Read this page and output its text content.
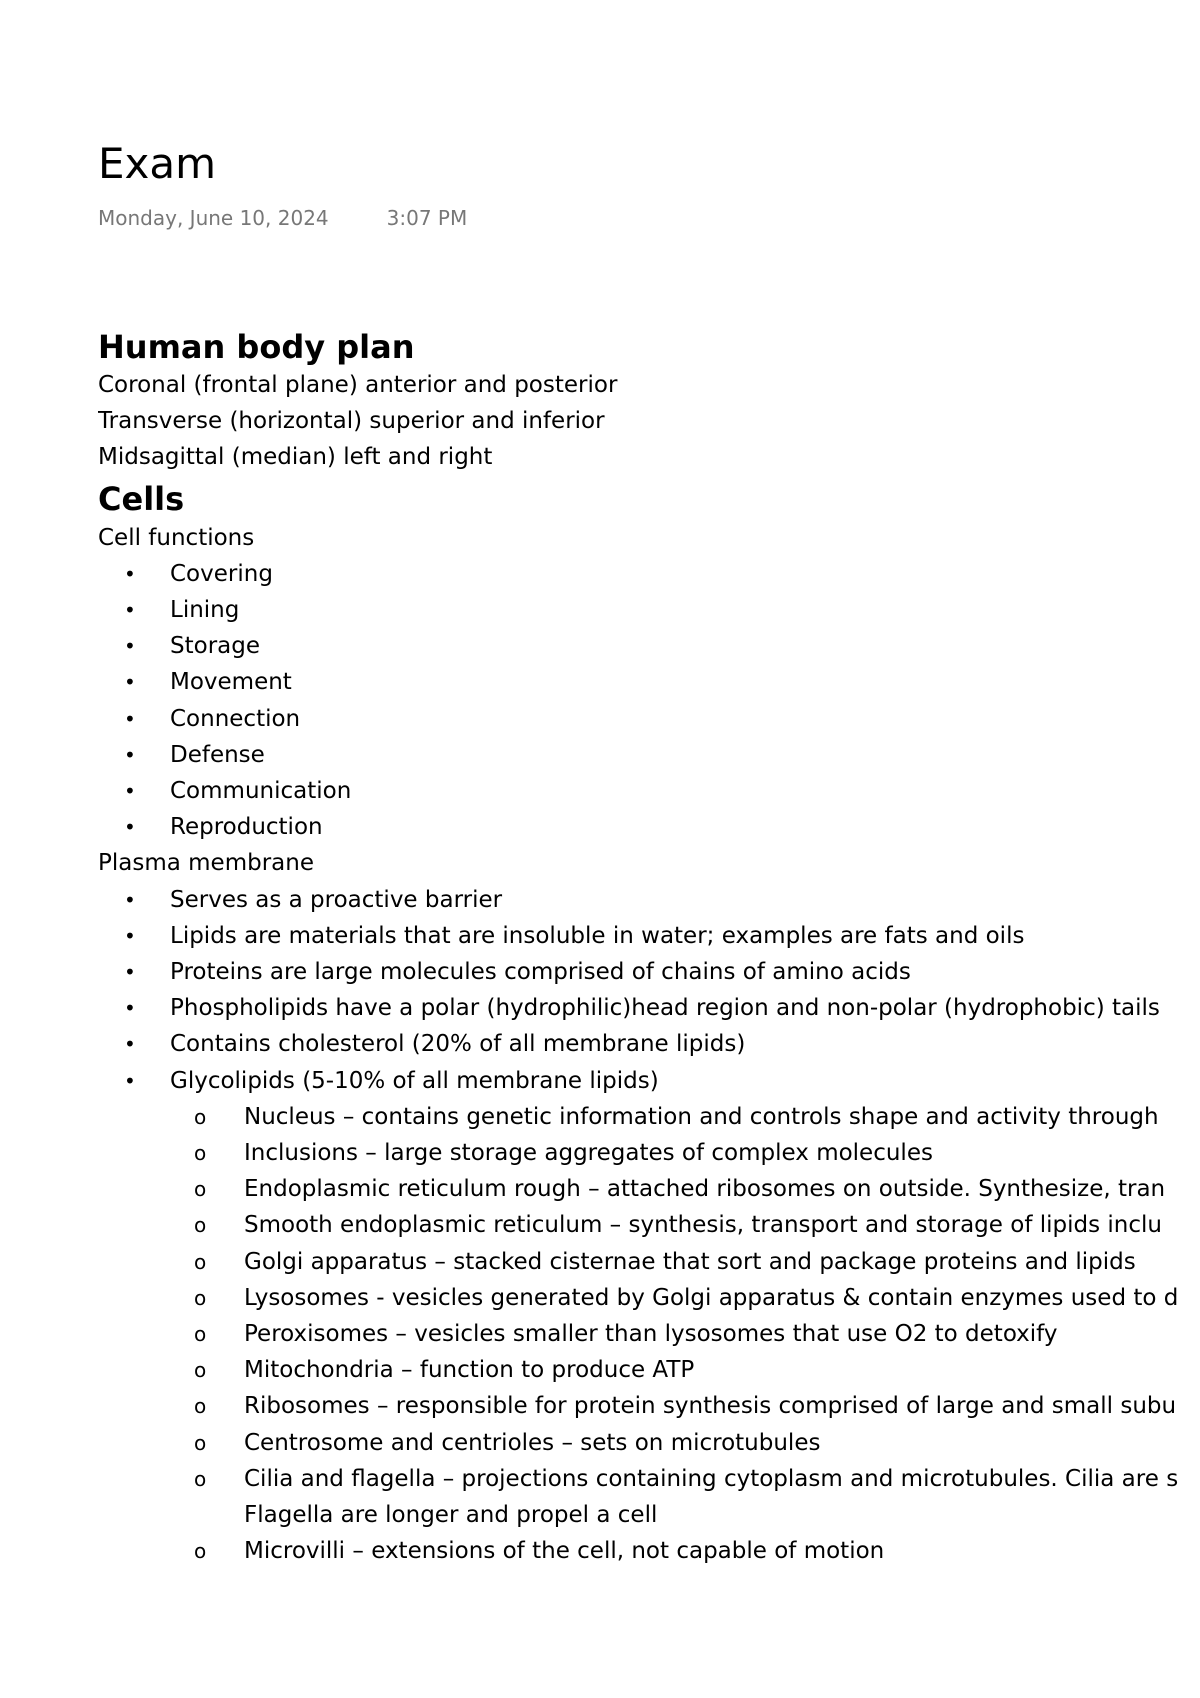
Exam
Monday, June 10, 2024	3:07 PM
Human body plan
Coronal (frontal plane) anterior and posterior
Transverse (horizontal) superior and inferior
Midsagittal (median) left and right
Cells
Cell functions
• Covering
• Lining
• Storage
• Movement
• Connection
• Defense
• Communication
• Reproduction
Plasma membrane
• Serves as a proactive barrier
• Lipids are materials that are insoluble in water; examples are fats and oils
• Proteins are large molecules comprised of chains of amino acids
• Phospholipids have a polar (hydrophilic)head region and non-polar (hydrophobic) tails
• Contains cholesterol (20% of all membrane lipids)
• Glycolipids (5-10% of all membrane lipids)
o Nucleus – contains genetic information and controls shape and activity through
o Inclusions – large storage aggregates of complex molecules
o Endoplasmic reticulum rough – attached ribosomes on outside. Synthesize, tran
o Smooth endoplasmic reticulum – synthesis, transport and storage of lipids inclu
o Golgi apparatus – stacked cisternae that sort and package proteins and lipids
o Lysosomes - vesicles generated by Golgi apparatus & contain enzymes used to d
o Peroxisomes – vesicles smaller than lysosomes that use O2 to detoxify
o Mitochondria – function to produce ATP
o Ribosomes – responsible for protein synthesis comprised of large and small subu
o Centrosome and centrioles – sets on microtubules
o Cilia and flagella – projections containing cytoplasm and microtubules. Cilia are s
Flagella are longer and propel a cell
o Microvilli – extensions of the cell, not capable of motion
